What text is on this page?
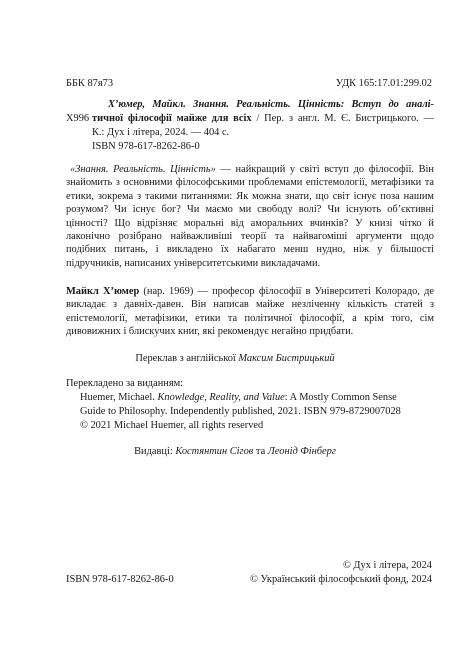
ББК 87я73	УДК 165:17.01:299.02
Х996
Х’юмер, Майкл. Знання. Реальність. Цінність: Вступ до аналі-
тичної філософії майже для всіх / Пер. з англ. М. Є. Бистрицького. —
К.: Дух і літера, 2024. — 404 с.
ISBN 978-617-8262-86-0

«Знання. Реальність. Цінність» — найкращий у світі вступ до філософії. Він знайомить з основними філософськими проблемами епістемології, метафізики та етики, зокрема з такими питаннями: Як можна знати, що світ існує поза нашим розумом? Чи існує бог? Чи маємо ми свободу волі? Чи існують об’єктивні цінності? Що відрізняє моральні від аморальних вчинків? У книзі чітко й лаконічно розібрано найважливіші теорії та найвагоміші аргументи щодо подібних питань, і викладено їх набагато менш нудно, ніж у більшості підручників, написаних університетськими викладачами.

Майкл Х’юмер (нар. 1969) — професор філософії в Університеті Колорадо, де викладає з давніх-давен. Він написав майже незліченну кількість статей з епістемології, метафізики, етики та політичної філософії, а крім того, сім дивовижних і блискучих книг, які рекомендує негайно придбати.

Переклав з англійської Максим Бистрицький
Перекладено за виданням:
Huemer, Michael. Knowledge, Reality, and Value: A Mostly Common Sense
Guide to Philosophy. Independently published, 2021. ISBN 979-8729007028
© 2021 Michael Huemer, all rights reserved
Видавці: Костянтин Сігов та Леонід Фінберг
© Дух і літера, 2024
ISBN 978-617-8262-86-0	© Український філософський фонд, 2024
